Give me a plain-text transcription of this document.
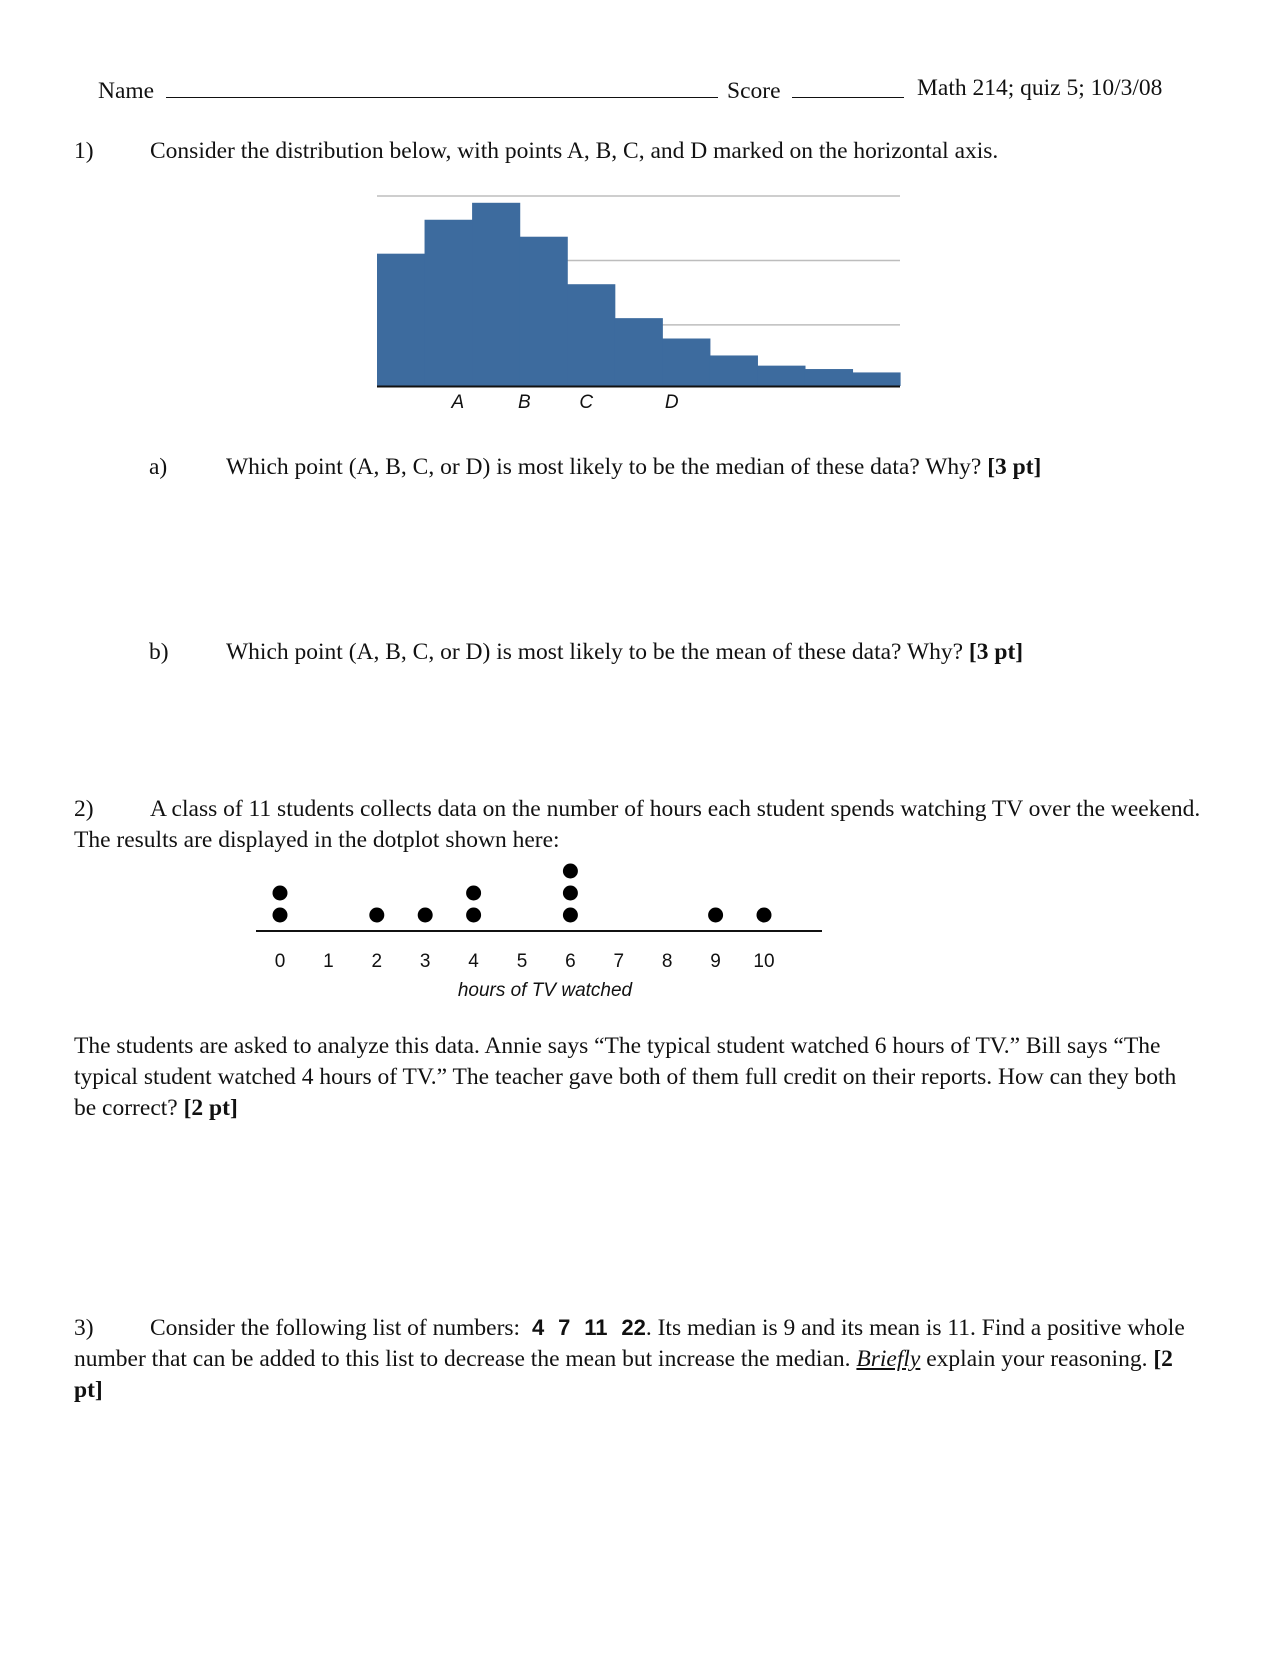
Name	Score	Math 214; quiz 5; 10/3/08
1) Consider the distribution below, with points A, B, C, and D marked on the horizontal axis.
A	B	C	D
a) Which point (A, B, C, or D) is most likely to be the median of these data? Why? [3 pt]
b) Which point (A, B, C, or D) is most likely to be the mean of these data? Why? [3 pt]
2) A class of 11 students collects data on the number of hours each student spends watching TV over the weekend. The results are displayed in the dotplot shown here:
0 1 2 3 4 5 6 7 8 9 10
hours of TV watched
The students are asked to analyze this data. Annie says “The typical student watched 6 hours of TV.” Bill says “The typical student watched 4 hours of TV.” The teacher gave both of them full credit on their reports. How can they both be correct? [2 pt]
3) Consider the following list of numbers: 4 7 11 22. Its median is 9 and its mean is 11. Find a positive whole number that can be added to this list to decrease the mean but increase the median. Briefly explain your reasoning. [2 pt]
